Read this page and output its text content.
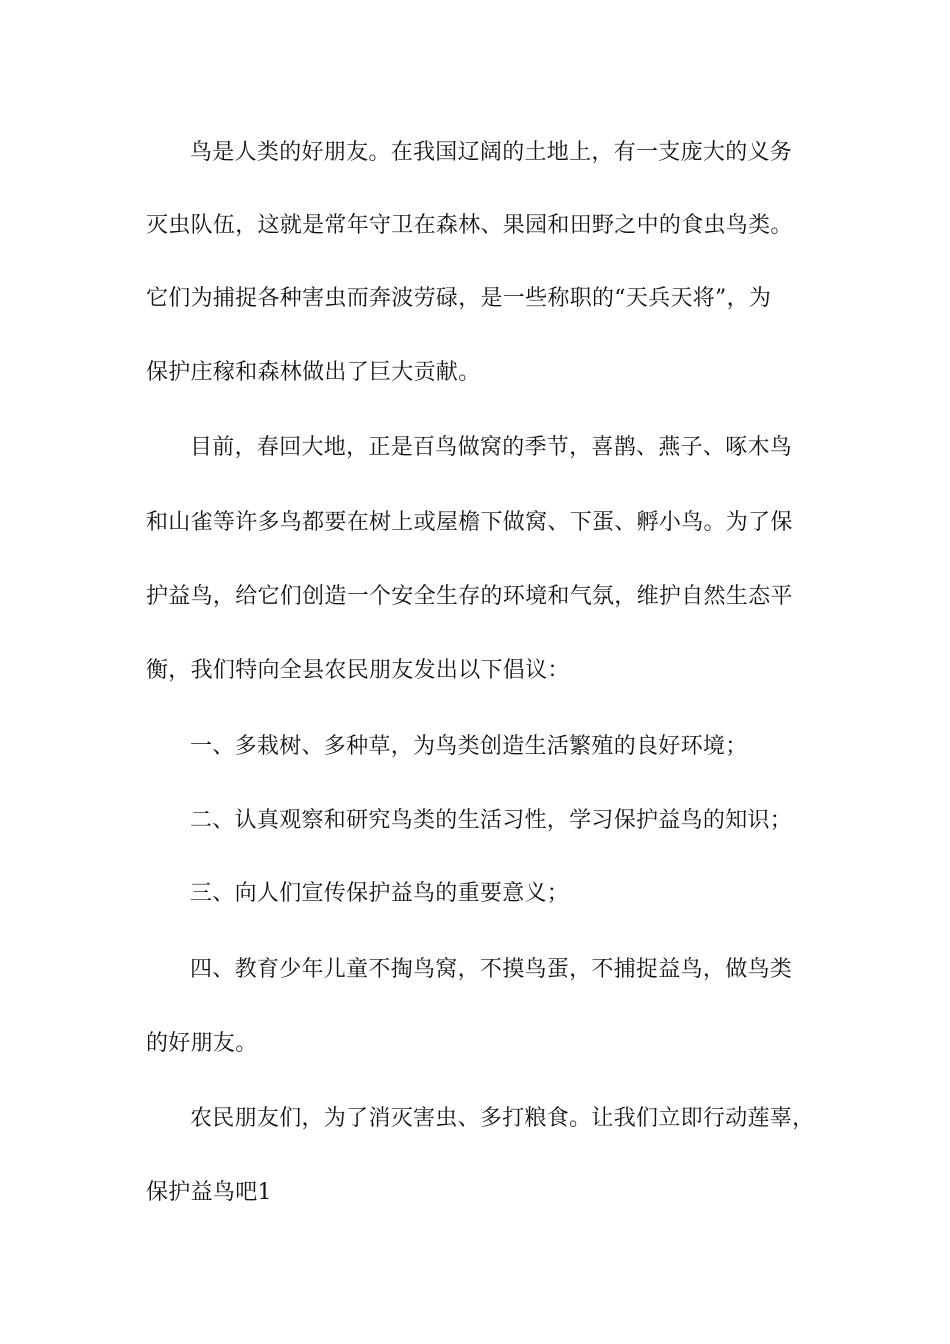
鸟是人类的好朋友。在我国辽阔的土地上，有一支庞大的义务
灭虫队伍，这就是常年守卫在森林、果园和田野之中的食虫鸟类。
它们为捕捉各种害虫而奔波劳碌，是一些称职的“天兵天将”，为
保护庄稼和森林做出了巨大贡献。
目前，春回大地，正是百鸟做窝的季节，喜鹊、燕子、啄木鸟
和山雀等许多鸟都要在树上或屋檐下做窝、下蛋、孵小鸟。为了保
护益鸟，给它们创造一个安全生存的环境和气氛，维护自然生态平
衡，我们特向全县农民朋友发出以下倡议：
一、多栽树、多种草，为鸟类创造生活繁殖的良好环境；
二、认真观察和研究鸟类的生活习性，学习保护益鸟的知识；
三、向人们宣传保护益鸟的重要意义；
四、教育少年儿童不掏鸟窝，不摸鸟蛋，不捕捉益鸟，做鸟类
的好朋友。
农民朋友们，为了消灭害虫、多打粮食。让我们立即行动莲辜，
保护益鸟吧1
